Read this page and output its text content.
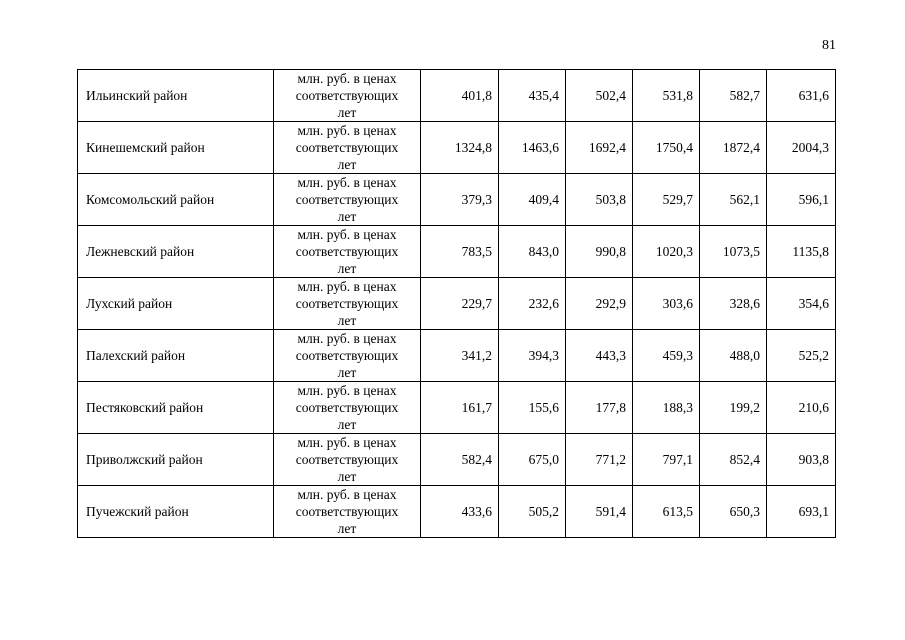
81
Ильинский район	млн. руб. в ценах
соответствующих
лет	401,8	435,4	502,4	531,8	582,7	631,6
Кинешемский район	млн. руб. в ценах
соответствующих
лет	1324,8	1463,6	1692,4	1750,4	1872,4	2004,3
Комсомольский район	млн. руб. в ценах
соответствующих
лет	379,3	409,4	503,8	529,7	562,1	596,1
Лежневский район	млн. руб. в ценах
соответствующих
лет	783,5	843,0	990,8	1020,3	1073,5	1135,8
Лухский район	млн. руб. в ценах
соответствующих
лет	229,7	232,6	292,9	303,6	328,6	354,6
Палехский район	млн. руб. в ценах
соответствующих
лет	341,2	394,3	443,3	459,3	488,0	525,2
Пестяковский район	млн. руб. в ценах
соответствующих
лет	161,7	155,6	177,8	188,3	199,2	210,6
Приволжский район	млн. руб. в ценах
соответствующих
лет	582,4	675,0	771,2	797,1	852,4	903,8
Пучежский район	млн. руб. в ценах
соответствующих
лет	433,6	505,2	591,4	613,5	650,3	693,1
